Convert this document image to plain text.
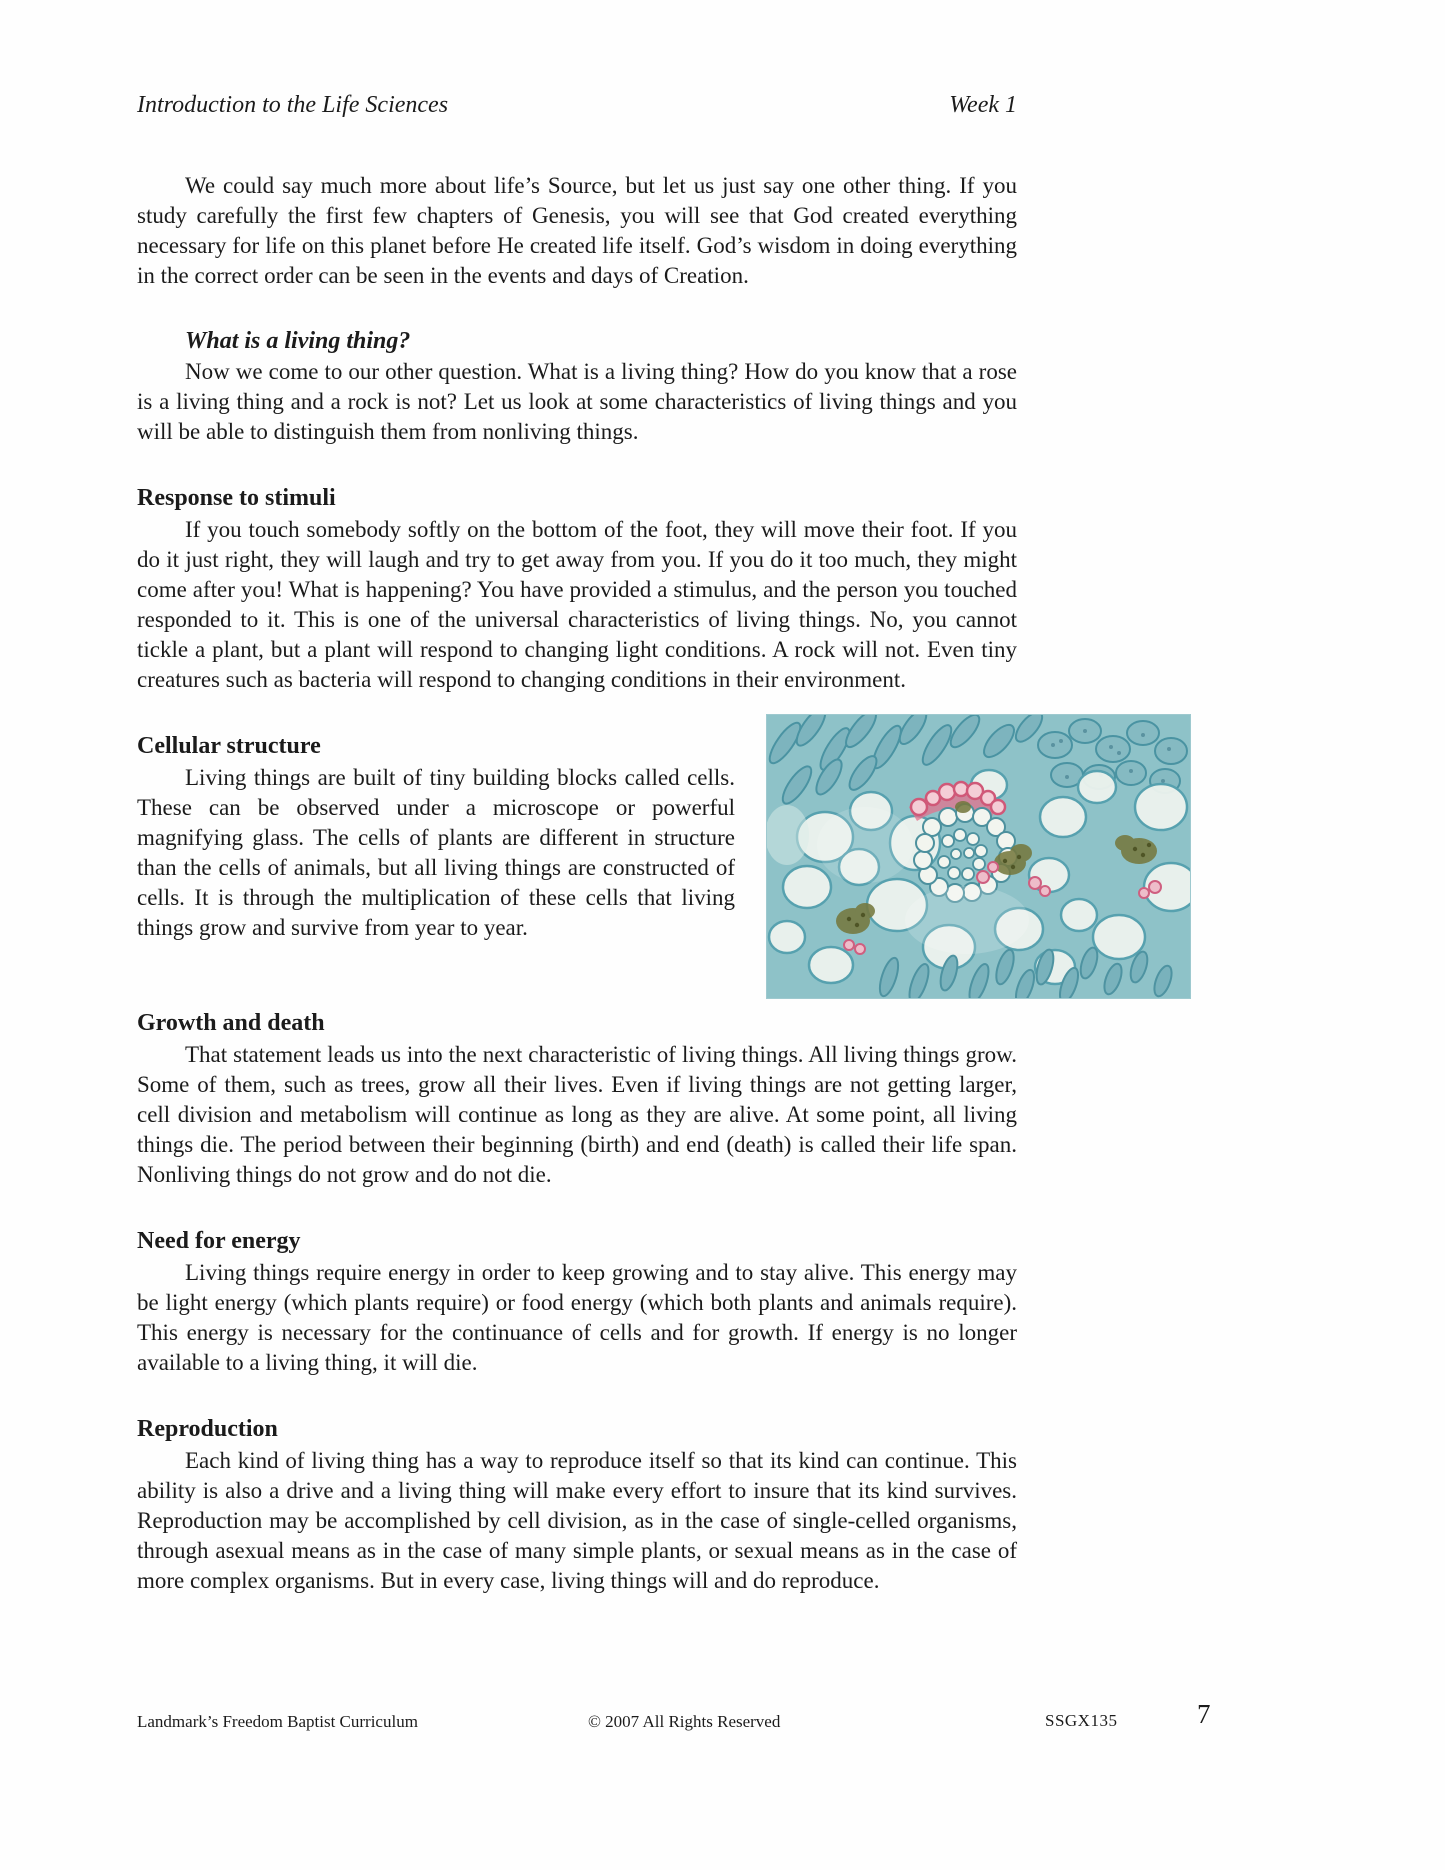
Introduction to the Life Sciences	Week 1

We could say much more about life’s Source, but let us just say one other thing. If you study carefully the first few chapters of Genesis, you will see that God created everything necessary for life on this planet before He created life itself. God’s wisdom in doing everything in the correct order can be seen in the events and days of Creation.

What is a living thing?

Now we come to our other question. What is a living thing? How do you know that a rose is a living thing and a rock is not? Let us look at some characteristics of living things and you will be able to distinguish them from nonliving things.

Response to stimuli

If you touch somebody softly on the bottom of the foot, they will move their foot. If you do it just right, they will laugh and try to get away from you. If you do it too much, they might come after you! What is happening? You have provided a stimulus, and the person you touched responded to it. This is one of the universal characteristics of living things. No, you cannot tickle a plant, but a plant will respond to changing light conditions. A rock will not. Even tiny creatures such as bacteria will respond to changing conditions in their environment.

Cellular structure

Living things are built of tiny building blocks called cells. These can be observed under a microscope or powerful magnifying glass. The cells of plants are different in structure than the cells of animals, but all living things are constructed of cells. It is through the multiplication of these cells that living things grow and survive from year to year.

Growth and death

That statement leads us into the next characteristic of living things. All living things grow. Some of them, such as trees, grow all their lives. Even if living things are not getting larger, cell division and metabolism will continue as long as they are alive. At some point, all living things die. The period between their beginning (birth) and end (death) is called their life span. Nonliving things do not grow and do not die.

Need for energy

Living things require energy in order to keep growing and to stay alive. This energy may be light energy (which plants require) or food energy (which both plants and animals require). This energy is necessary for the continuance of cells and for growth. If energy is no longer available to a living thing, it will die.

Reproduction

Each kind of living thing has a way to reproduce itself so that its kind can continue. This ability is also a drive and a living thing will make every effort to insure that its kind survives. Reproduction may be accomplished by cell division, as in the case of single-celled organisms, through asexual means as in the case of many simple plants, or sexual means as in the case of more complex organisms. But in every case, living things will and do reproduce.

Landmark’s Freedom Baptist Curriculum	© 2007 All Rights Reserved	SSGX135	7
